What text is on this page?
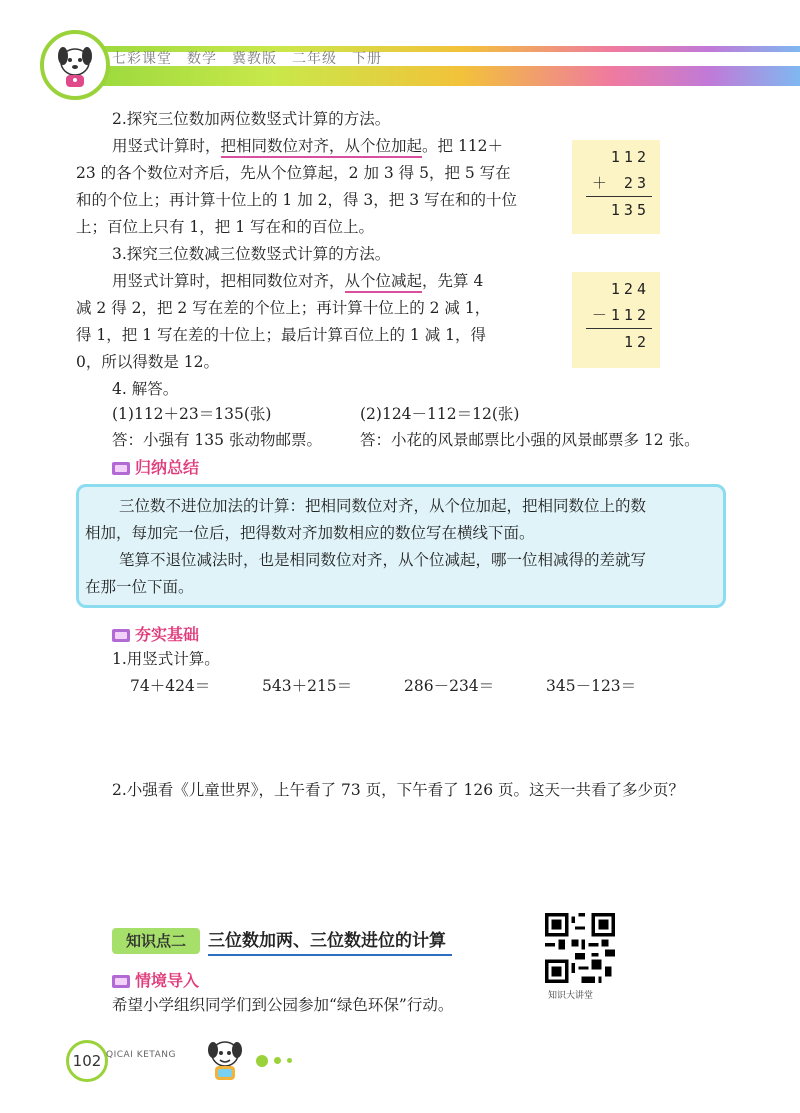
七彩课堂　数学　冀教版　二年级　下册
2.探究三位数加两位数竖式计算的方法。
用竖式计算时，把相同数位对齐，从个位加起。把 112＋
23 的各个数位对齐后，先从个位算起，2 加 3 得 5，把 5 写在
和的个位上；再计算十位上的 1 加 2，得 3，把 3 写在和的十位
上；百位上只有 1，把 1 写在和的百位上。
112
＋ 23
135
3.探究三位数减三位数竖式计算的方法。
用竖式计算时，把相同数位对齐，从个位减起，先算 4
减 2 得 2，把 2 写在差的个位上；再计算十位上的 2 减 1，
得 1，把 1 写在差的十位上；最后计算百位上的 1 减 1，得
0，所以得数是 12。
124
－112
12
4. 解答。
(1)112＋23＝135(张)	(2)124－112＝12(张)
答：小强有 135 张动物邮票。 答：小花的风景邮票比小强的风景邮票多 12 张。
归纳总结
三位数不进位加法的计算：把相同数位对齐，从个位加起，把相同数位上的数
相加，每加完一位后，把得数对齐加数相应的数位写在横线下面。
笔算不退位减法时，也是相同数位对齐，从个位减起，哪一位相减得的差就写
在那一位下面。
夯实基础
1.用竖式计算。
74＋424＝	543＋215＝	286－234＝	345－123＝
2.小强看《儿童世界》，上午看了 73 页，下午看了 126 页。这天一共看了多少页？
知识点二	三位数加两、三位数进位的计算
情境导入
希望小学组织同学们到公园参加“绿色环保”行动。	知识大讲堂
102 QICAI KETANG
